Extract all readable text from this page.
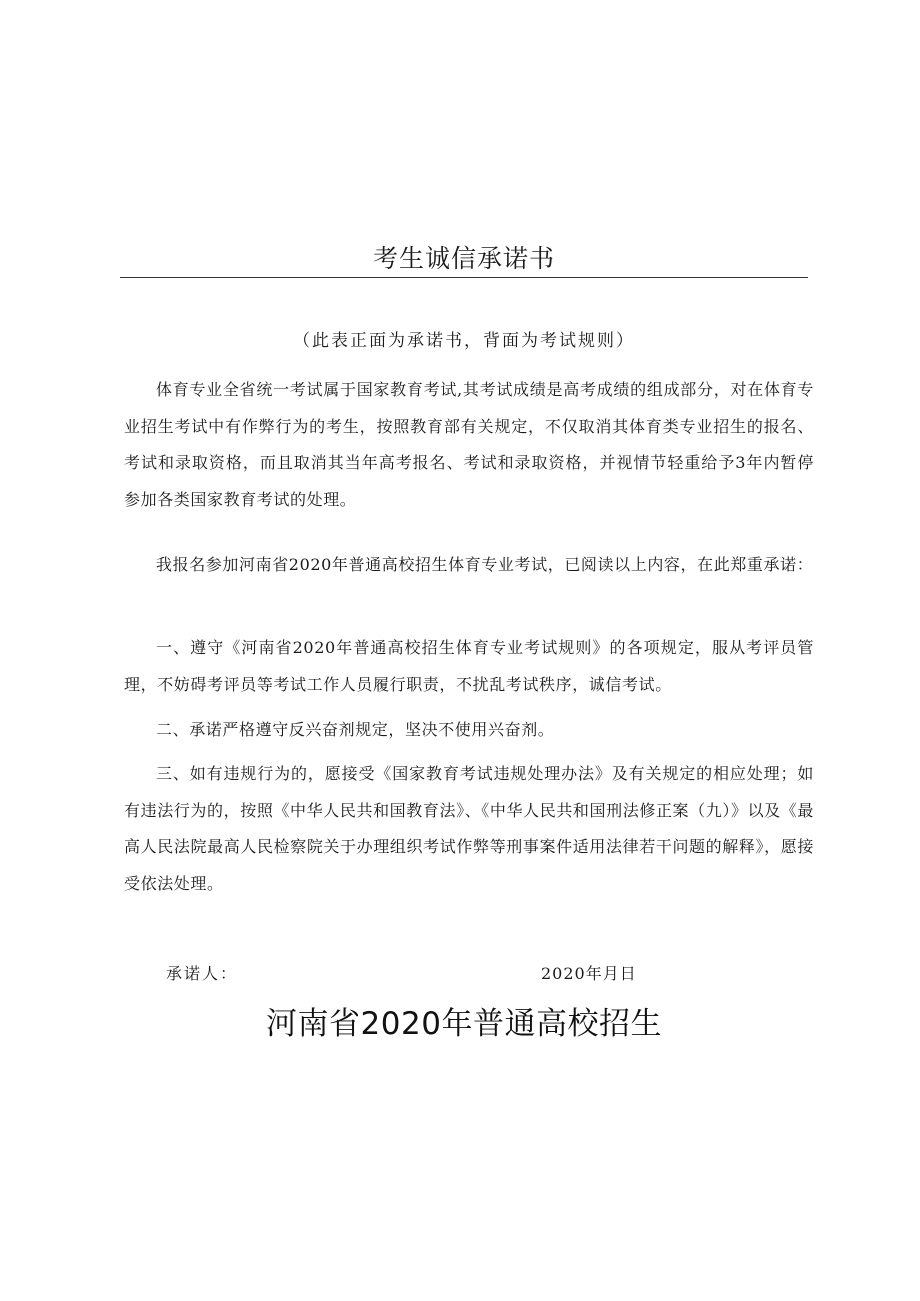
考生诚信承诺书
（此表正面为承诺书，背面为考试规则）

体育专业全省统一考试属于国家教育考试,其考试成绩是高考成绩的组成部分，对在体育专业招生考试中有作弊行为的考生，按照教育部有关规定，不仅取消其体育类专业招生的报名、考试和录取资格，而且取消其当年高考报名、考试和录取资格，并视情节轻重给予3年内暂停参加各类国家教育考试的处理。

我报名参加河南省2020年普通高校招生体育专业考试，已阅读以上内容，在此郑重承诺：

一、遵守《河南省2020年普通高校招生体育专业考试规则》的各项规定，服从考评员管理，不妨碍考评员等考试工作人员履行职责，不扰乱考试秩序，诚信考试。

二、承诺严格遵守反兴奋剂规定，坚决不使用兴奋剂。

三、如有违规行为的，愿接受《国家教育考试违规处理办法》及有关规定的相应处理；如有违法行为的，按照《中华人民共和国教育法》、《中华人民共和国刑法修正案（九）》以及《最高人民法院最高人民检察院关于办理组织考试作弊等刑事案件适用法律若干问题的解释》，愿接受依法处理。

承诺人：	2020年月日
河南省2020年普通高校招生
